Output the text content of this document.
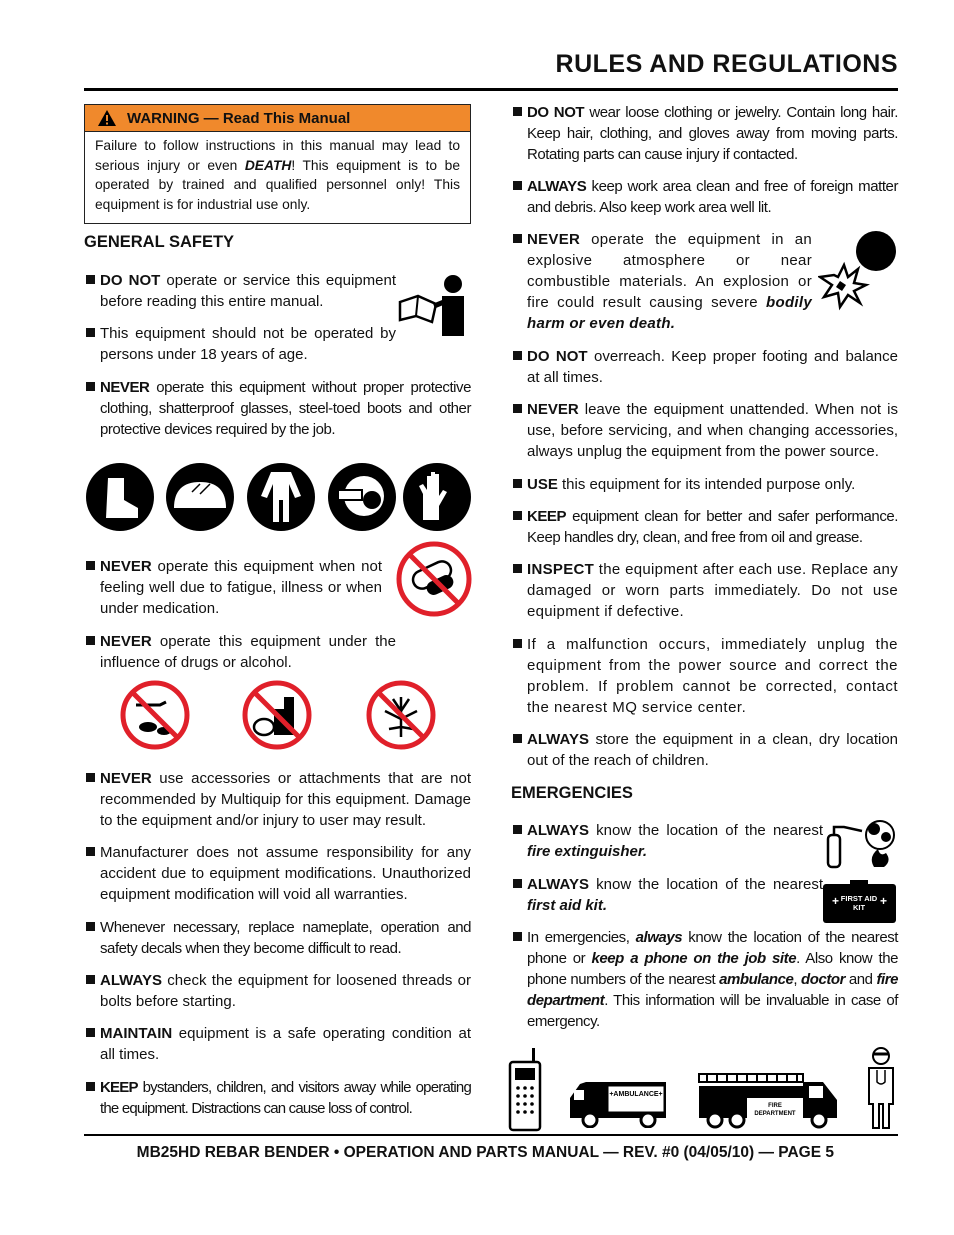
RULES AND REGULATIONS
WARNING — Read This Manual
Failure to follow instructions in this manual may lead to serious injury or even DEATH! This equipment is to be operated by trained and qualified personnel only! This equipment is for industrial use only.
GENERAL SAFETY
DO NOT operate or service this equipment before reading this entire manual.
This equipment should not be operated by persons under 18 years of age.
NEVER operate this equipment without proper protective clothing, shatterproof glasses, steel-toed boots and other protective devices required by the job.
NEVER operate this equipment when not feeling well due to fatigue, illness or when under medication.
NEVER operate this equipment under the influence of drugs or alcohol.
NEVER use accessories or attachments that are not recommended by Multiquip for this equipment. Damage to the equipment and/or injury to user may result.
Manufacturer does not assume responsibility for any accident due to equipment modifications. Unauthorized equipment modification will void all warranties.
Whenever necessary, replace nameplate, operation and safety decals when they become difficult to read.
ALWAYS check the equipment for loosened threads or bolts before starting.
MAINTAIN equipment is a safe operating condition at all times.
KEEP bystanders, children, and visitors away while operating the equipment. Distractions can cause loss of control.
DO NOT wear loose clothing or jewelry. Contain long hair. Keep hair, clothing, and gloves away from moving parts. Rotating parts can cause injury if contacted.
ALWAYS keep work area clean and free of foreign matter and debris. Also keep work area well lit.
NEVER operate the equipment in an explosive atmosphere or near combustible materials. An explosion or fire could result causing severe bodily harm or even death.
DO NOT overreach. Keep proper footing and balance at all times.
NEVER leave the equipment unattended. When not is use, before servicing, and when changing accessories, always unplug the equipment from the power source.
USE this equipment for its intended purpose only.
KEEP equipment clean for better and safer performance. Keep handles dry, clean, and free from oil and grease.
INSPECT the equipment after each use. Replace any damaged or worn parts immediately. Do not use equipment if defective.
If a malfunction occurs, immediately unplug the equipment from the power source and correct the problem. If problem cannot be corrected, contact the nearest MQ service center.
ALWAYS store the equipment in a clean, dry location out of the reach of children.
EMERGENCIES
ALWAYS know the location of the nearest fire extinguisher.
ALWAYS know the location of the nearest first aid kit.
In emergencies, always know the location of the nearest phone or keep a phone on the job site. Also know the phone numbers of the nearest ambulance, doctor and fire department. This information will be invaluable in case of emergency.
+	+
FIRST AID
KIT
+AMBULANCE+
FIRE
DEPARTMENT
MB25HD REBAR BENDER • OPERATION AND PARTS MANUAL — REV. #0 (04/05/10) — PAGE 5
